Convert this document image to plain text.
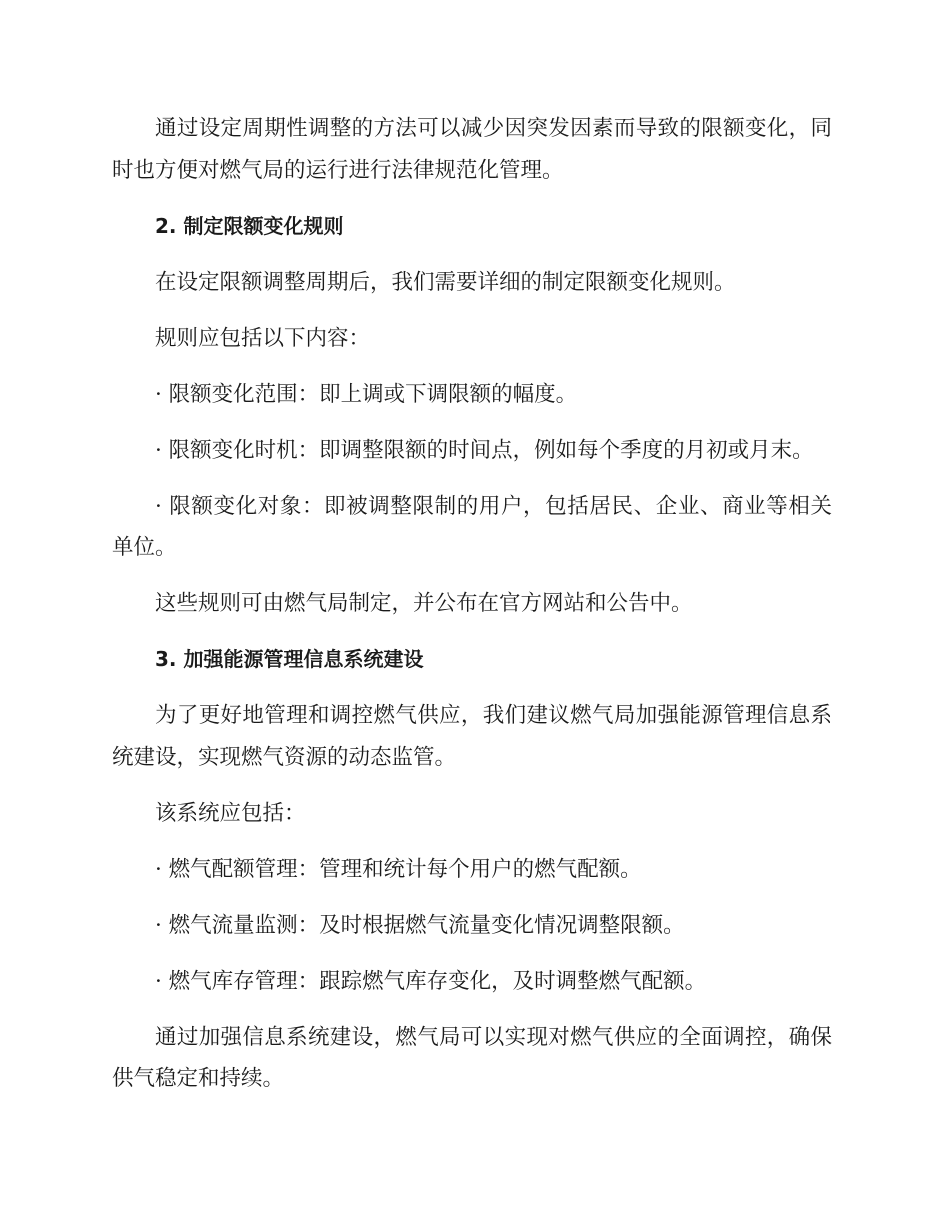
通过设定周期性调整的方法可以减少因突发因素而导致的限额变化，同时也方便对燃气局的运行进行法律规范化管理。

2. 制定限额变化规则

在设定限额调整周期后，我们需要详细的制定限额变化规则。

规则应包括以下内容：

· 限额变化范围：即上调或下调限额的幅度。

· 限额变化时机：即调整限额的时间点，例如每个季度的月初或月末。

· 限额变化对象：即被调整限制的用户，包括居民、企业、商业等相关单位。

这些规则可由燃气局制定，并公布在官方网站和公告中。

3. 加强能源管理信息系统建设

为了更好地管理和调控燃气供应，我们建议燃气局加强能源管理信息系统建设，实现燃气资源的动态监管。

该系统应包括：

· 燃气配额管理：管理和统计每个用户的燃气配额。

· 燃气流量监测：及时根据燃气流量变化情况调整限额。

· 燃气库存管理：跟踪燃气库存变化，及时调整燃气配额。

通过加强信息系统建设，燃气局可以实现对燃气供应的全面调控，确保供气稳定和持续。
